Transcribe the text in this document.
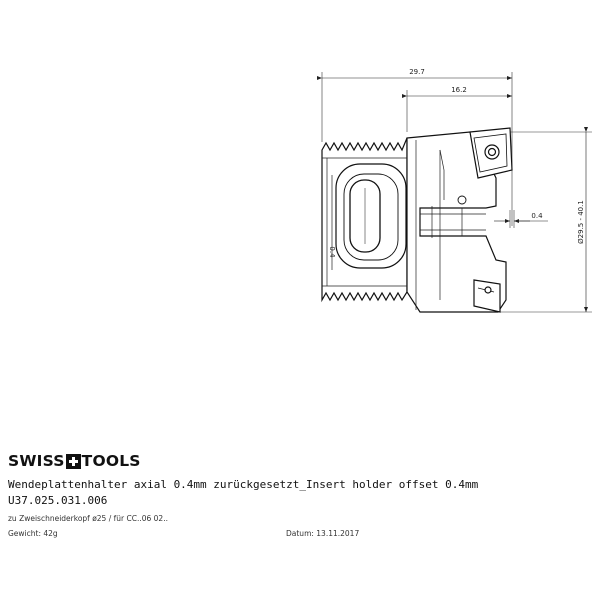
29.7
16.2
0.4	Ø29.5 - 40.1
0.4
SWISS TOOLS
Wendeplattenhalter axial 0.4mm zurückgesetzt_Insert holder offset 0.4mm
U37.025.031.006
zu Zweischneiderkopf ø25 / für CC..06 02..
Gewicht: 42g	Datum: 13.11.2017
